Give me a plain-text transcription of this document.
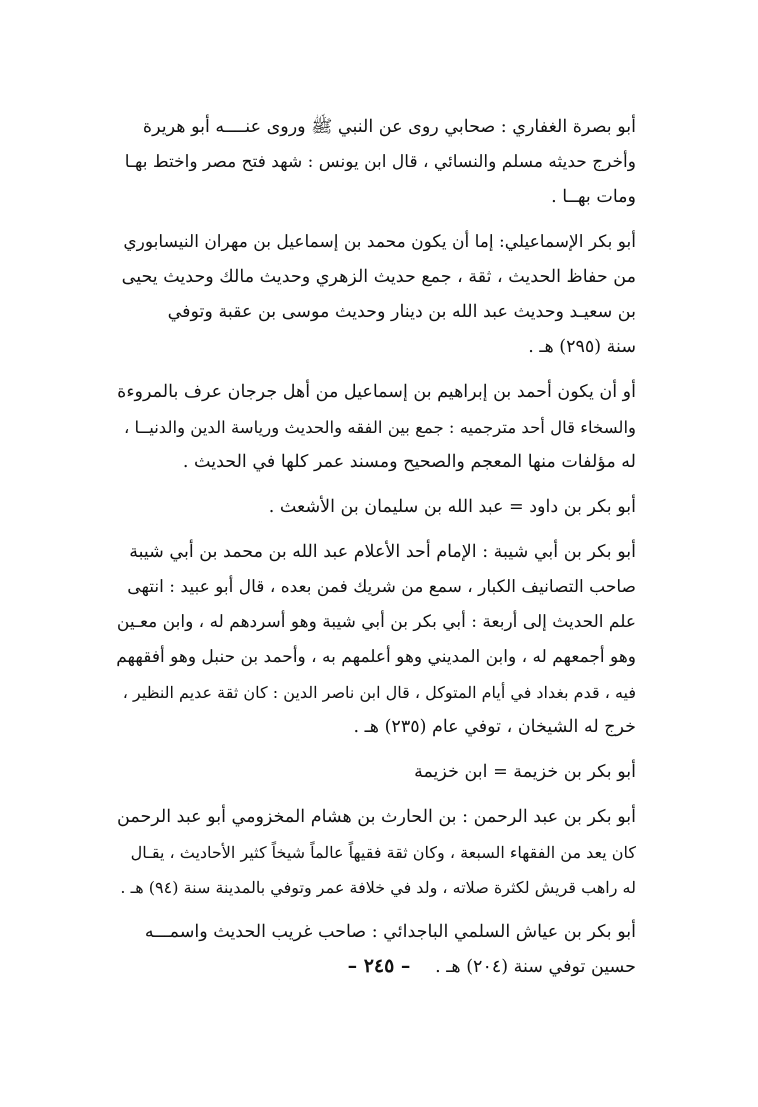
أبو بصرة الغفاري : صحابي روى عن النبي ﷺ وروى عنــــه أبو هريرة
وأخرج حديثه مسلم والنسائي ، قال ابن يونس : شهد فتح مصر واختط بهـا
ومات بهــا .
أبو بكر الإسماعيلي: إما أن يكون محمد بن إسماعيل بن مهران النيسابوري
من حفاظ الحديث ، ثقة ، جمع حديث الزهري وحديث مالك وحديث يحيى
بن سعيـد وحديث عبد الله بن دينار وحديث موسى بن عقبة وتوفي
سنة (٢٩٥) هـ .
أو أن يكون أحمد بن إبراهيم بن إسماعيل من أهل جرجان عرف بالمروءة
والسخاء قال أحد مترجميه : جمع بين الفقه والحديث ورياسة الدين والدنيــا ،
له مؤلفات منها المعجم والصحيح ومسند عمر كلها في الحديث .
أبو بكر بن داود = عبد الله بن سليمان بن الأشعث .
أبو بكر بن أبي شيبة : الإمام أحد الأعلام عبد الله بن محمد بن أبي شيبة
صاحب التصانيف الكبار ، سمع من شريك فمن بعده ، قال أبو عبيد : انتهى
علم الحديث إلى أربعة : أبي بكر بن أبي شيبة وهو أسردهم له ، وابن معـين
وهو أجمعهم له ، وابن المديني وهو أعلمهم به ، وأحمد بن حنبل وهو أفقههم
فيه ، قدم بغداد في أيام المتوكل ، قال ابن ناصر الدين : كان ثقة عديم النظير ،
خرج له الشيخان ، توفي عام (٢٣٥) هـ .
أبو بكر بن خزيمة = ابن خزيمة
أبو بكر بن عبد الرحمن : بن الحارث بن هشام المخزومي أبو عبد الرحمن
كان يعد من الفقهاء السبعة ، وكان ثقة فقيهاً عالماً شيخاً كثير الأحاديث ، يقـال
له راهب قريش لكثرة صلاته ، ولد في خلافة عمر وتوفي بالمدينة سنة (٩٤) هـ .
أبو بكر بن عياش السلمي الباجدائي : صاحب غريب الحديث واسمـــه
حسين توفي سنة (٢٠٤) هـ .
– ٢٤٥ –
